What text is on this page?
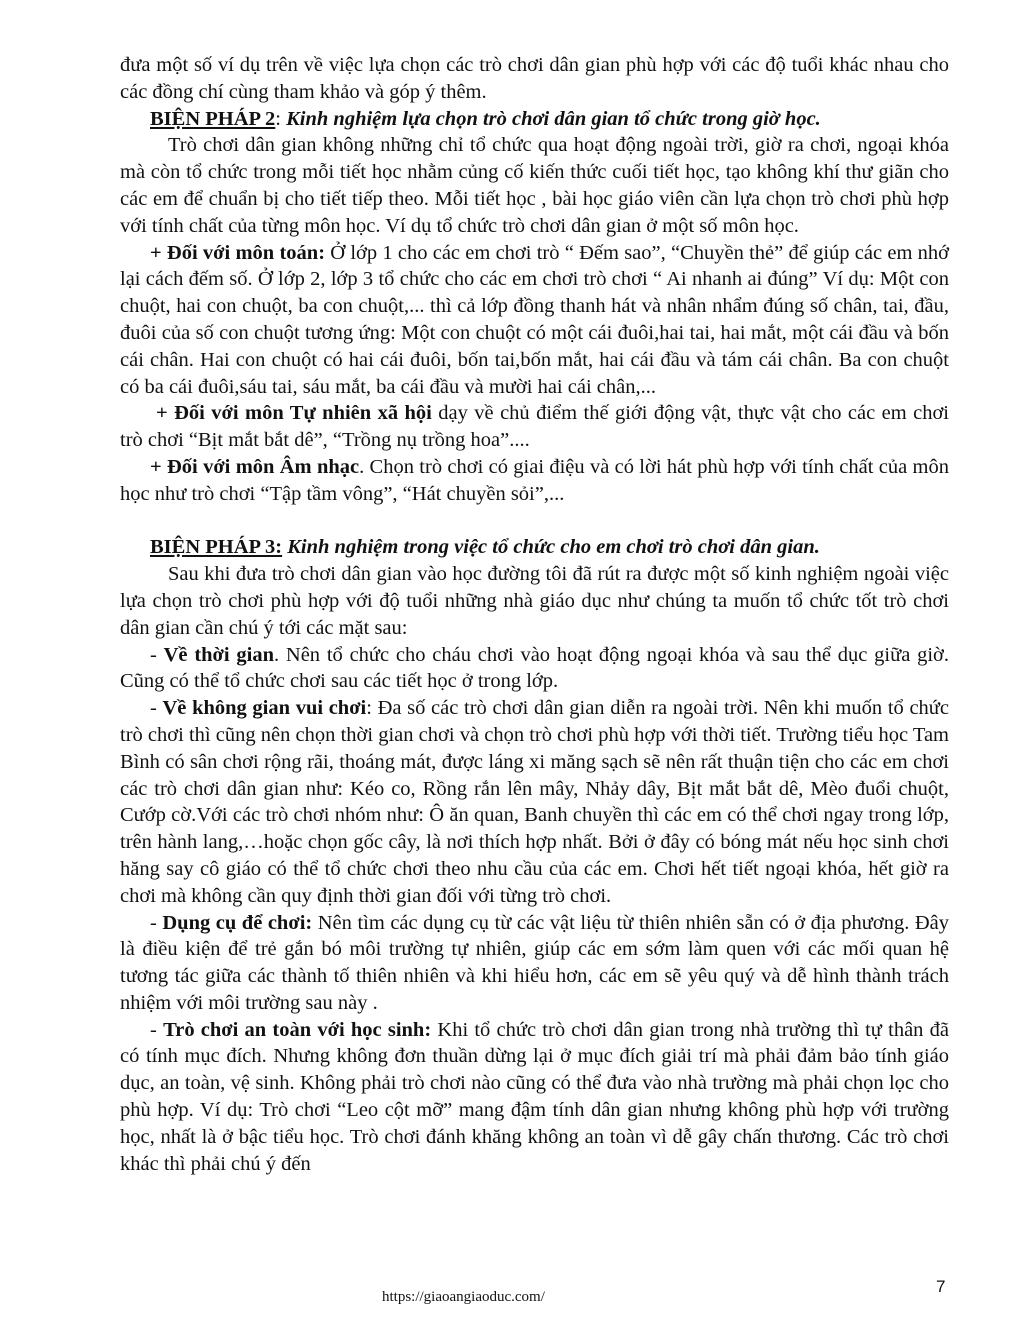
đưa một số ví dụ trên về việc lựa chọn các trò chơi dân gian phù hợp với các độ tuổi khác nhau cho các đồng chí cùng tham khảo và góp ý thêm.

BIỆN PHÁP 2: Kinh nghiệm lựa chọn trò chơi dân gian tổ chức trong giờ học.

Trò chơi dân gian không những chỉ tổ chức qua hoạt động ngoài trời, giờ ra chơi, ngoại khóa mà còn tổ chức trong mỗi tiết học nhằm củng cố kiến thức cuối tiết học, tạo không khí thư giãn cho các em để chuẩn bị cho tiết tiếp theo. Mỗi tiết học , bài học giáo viên cần lựa chọn trò chơi phù hợp với tính chất của từng môn học. Ví dụ tổ chức trò chơi dân gian ở một số môn học.

+ Đối với môn toán: Ở lớp 1 cho các em chơi trò “ Đếm sao”, “Chuyền thẻ” để giúp các em nhớ lại cách đếm số. Ở lớp 2, lớp 3 tổ chức cho các em chơi trò chơi “ Ai nhanh ai đúng” Ví dụ: Một con chuột, hai con chuột, ba con chuột,... thì cả lớp đồng thanh hát và nhân nhẩm đúng số chân, tai, đầu, đuôi của số con chuột tương ứng: Một con chuột có một cái đuôi,hai tai, hai mắt, một cái đầu và bốn cái chân. Hai con chuột có hai cái đuôi, bốn tai,bốn mắt, hai cái đầu và tám cái chân. Ba con chuột có ba cái đuôi,sáu tai, sáu mắt, ba cái đầu và mười hai cái chân,...

+ Đối với môn Tự nhiên xã hội dạy về chủ điểm thế giới động vật, thực vật cho các em chơi trò chơi “Bịt mắt bắt dê”, “Trồng nụ trồng hoa”....

+ Đối với môn Âm nhạc. Chọn trò chơi có giai điệu và có lời hát phù hợp với tính chất của môn học như trò chơi “Tập tầm vông”, “Hát chuyền sỏi”,...

BIỆN PHÁP 3: Kinh nghiệm trong việc tổ chức cho em chơi trò chơi dân gian.

Sau khi đưa trò chơi dân gian vào học đường tôi đã rút ra được một số kinh nghiệm ngoài việc lựa chọn trò chơi phù hợp với độ tuổi những nhà giáo dục như chúng ta muốn tổ chức tốt trò chơi dân gian cần chú ý tới các mặt sau:

- Về thời gian. Nên tổ chức cho cháu chơi vào hoạt động ngoại khóa và sau thể dục giữa giờ. Cũng có thể tổ chức chơi sau các tiết học ở trong lớp.

- Về không gian vui chơi: Đa số các trò chơi dân gian diễn ra ngoài trời. Nên khi muốn tổ chức trò chơi thì cũng nên chọn thời gian chơi và chọn trò chơi phù hợp với thời tiết. Trường tiểu học Tam Bình có sân chơi rộng rãi, thoáng mát, được láng xi măng sạch sẽ nên rất thuận tiện cho các em chơi các trò chơi dân gian như: Kéo co, Rồng rắn lên mây, Nhảy dây, Bịt mắt bắt dê, Mèo đuổi chuột, Cướp cờ.Với các trò chơi nhóm như: Ô ăn quan, Banh chuyền thì các em có thể chơi ngay trong lớp, trên hành lang,…hoặc chọn gốc cây, là nơi thích hợp nhất. Bởi ở đây có bóng mát nếu học sinh chơi hăng say cô giáo có thể tổ chức chơi theo nhu cầu của các em. Chơi hết tiết ngoại khóa, hết giờ ra chơi mà không cần quy định thời gian đối với từng trò chơi.

- Dụng cụ để chơi: Nên tìm các dụng cụ từ các vật liệu từ thiên nhiên sẵn có ở địa phương. Đây là điều kiện để trẻ gắn bó môi trường tự nhiên, giúp các em sớm làm quen với các mối quan hệ tương tác giữa các thành tố thiên nhiên và khi hiểu hơn, các em sẽ yêu quý và dễ hình thành trách nhiệm với môi trường sau này .

- Trò chơi an toàn với học sinh: Khi tổ chức trò chơi dân gian trong nhà trường thì tự thân đã có tính mục đích. Nhưng không đơn thuần dừng lại ở mục đích giải trí mà phải đảm bảo tính giáo dục, an toàn, vệ sinh. Không phải trò chơi nào cũng có thể đưa vào nhà trường mà phải chọn lọc cho phù hợp. Ví dụ: Trò chơi “Leo cột mỡ” mang đậm tính dân gian nhưng không phù hợp với trường học, nhất là ở bậc tiểu học. Trò chơi đánh khăng không an toàn vì dễ gây chấn thương. Các trò chơi khác thì phải chú ý đến

https://giaoangiaoduc.com/
7
